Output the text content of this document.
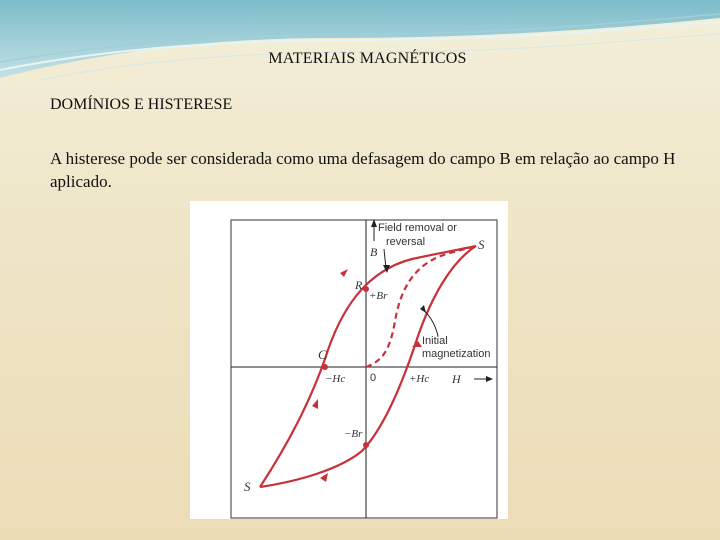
MATERIAIS MAGNÉTICOS
DOMÍNIOS E HISTERESE
A histerese pode ser considerada como uma defasagem do campo B em relação ao campo H aplicado.
Field removal or
reversal
B	S
R
+Br
Initial
magnetization
C
−Hc 0	+Hc H
−Br
S
